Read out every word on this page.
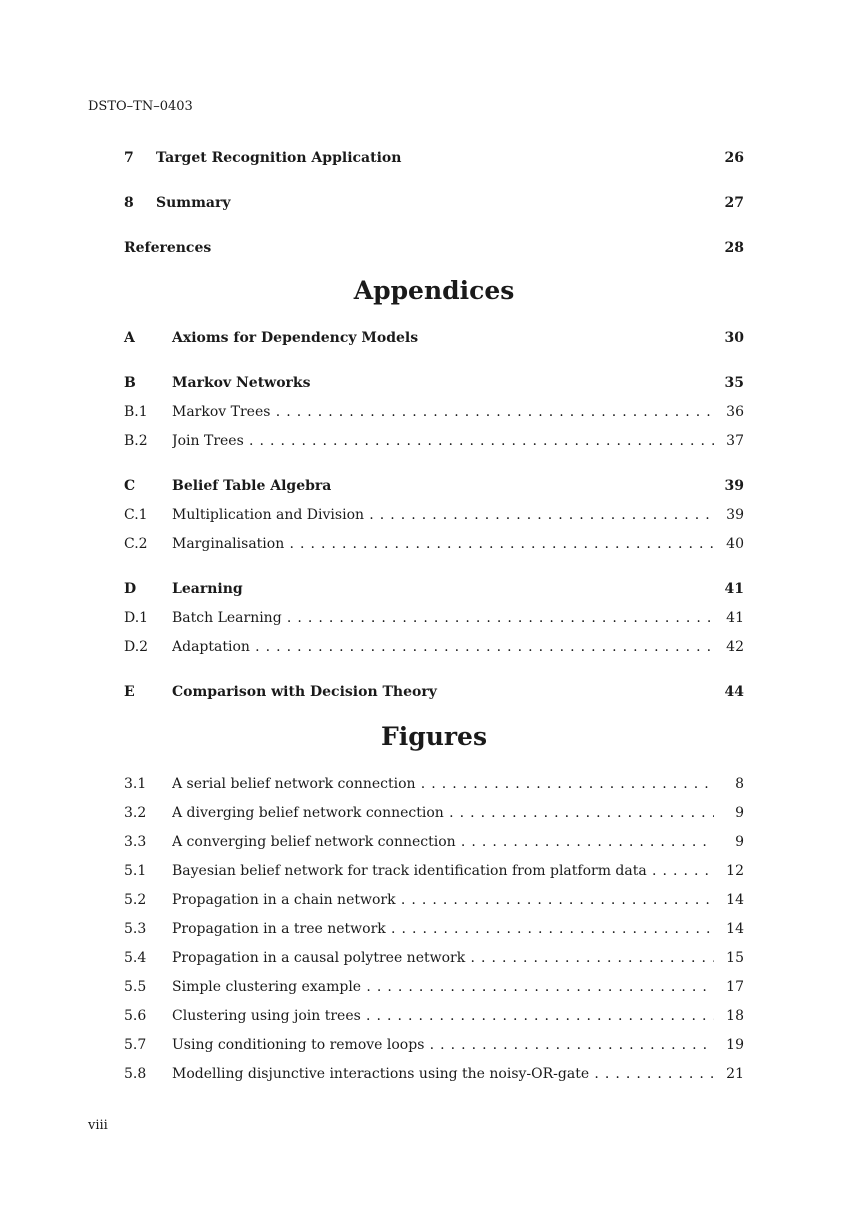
DSTO–TN–0403
7 Target Recognition Application	26
8 Summary	27
References	28
Appendices
A	Axioms for Dependency Models	30
B	Markov Networks	35
B.1 Markov Trees . . .	36
B.2 Join Trees . . .	37
C	Belief Table Algebra	39
C.1 Multiplication and Division . . .	39
C.2 Marginalisation . . .	40
D	Learning	41
D.1 Batch Learning . . .	41
D.2 Adaptation . . .	42
E	Comparison with Decision Theory	44
Figures
3.1 A serial belief network connection . . .	8
3.2 A diverging belief network connection . . .	9
3.3 A converging belief network connection . . .	9
5.1 Bayesian belief network for track identification from platform data . . .	12
5.2 Propagation in a chain network . . .	14
5.3 Propagation in a tree network . . .	14
5.4 Propagation in a causal polytree network . . .	15
5.5 Simple clustering example . . .	17
5.6 Clustering using join trees . . .	18
5.7 Using conditioning to remove loops . . .	19
5.8 Modelling disjunctive interactions using the noisy-OR-gate . . .	21
viii
